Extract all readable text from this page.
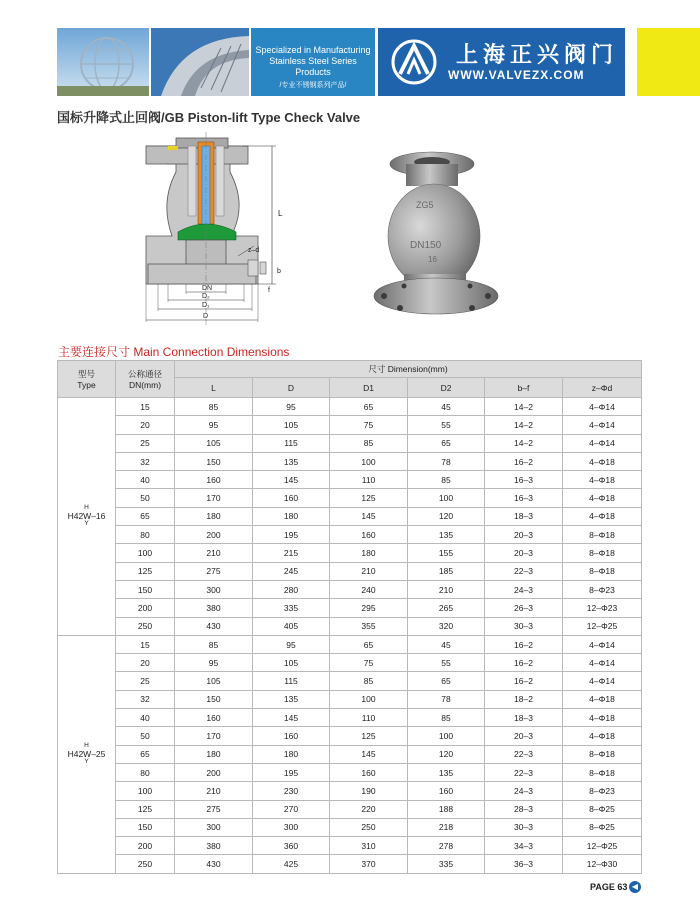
Specialized in Manufacturing
Stainless Steel Series Products
/专业不锈钢系列产品/
上海正兴阀门
WWW.VALVEZX.COM
国标升降式止回阀/GB Piston-lift Type Check Valve
L
z–d
b
f
DN
D₂
D₁
D
ZG5
DN150
16
主要连接尺寸 Main Connection Dimensions
型号
Type	公称通径
DN(mm)	尺寸 Dimension(mm)					
		L	D	D1	D2	b–f	z–Φd

H
H42W–16
Y	15	85	95	65	45	14–2	4–Φ14
	20	95	105	75	55	14–2	4–Φ14
	25	105	115	85	65	14–2	4–Φ14
	32	150	135	100	78	16–2	4–Φ18
	40	160	145	110	85	16–3	4–Φ18
	50	170	160	125	100	16–3	4–Φ18
	65	180	180	145	120	18–3	4–Φ18
	80	200	195	160	135	20–3	8–Φ18
	100	210	215	180	155	20–3	8–Φ18
	125	275	245	210	185	22–3	8–Φ18
	150	300	280	240	210	24–3	8–Φ23
	200	380	335	295	265	26–3	12–Φ23
	250	430	405	355	320	30–3	12–Φ25

H
H42W–25
Y	15	85	95	65	45	16–2	4–Φ14
	20	95	105	75	55	16–2	4–Φ14
	25	105	115	85	65	16–2	4–Φ14
	32	150	135	100	78	18–2	4–Φ18
	40	160	145	110	85	18–3	4–Φ18
	50	170	160	125	100	20–3	4–Φ18
	65	180	180	145	120	22–3	8–Φ18
	80	200	195	160	135	22–3	8–Φ18
	100	210	230	190	160	24–3	8–Φ23
	125	275	270	220	188	28–3	8–Φ25
	150	300	300	250	218	30–3	8–Φ25
	200	380	360	310	278	34–3	12–Φ25
	250	430	425	370	335	36–3	12–Φ30
PAGE 63 ◀
